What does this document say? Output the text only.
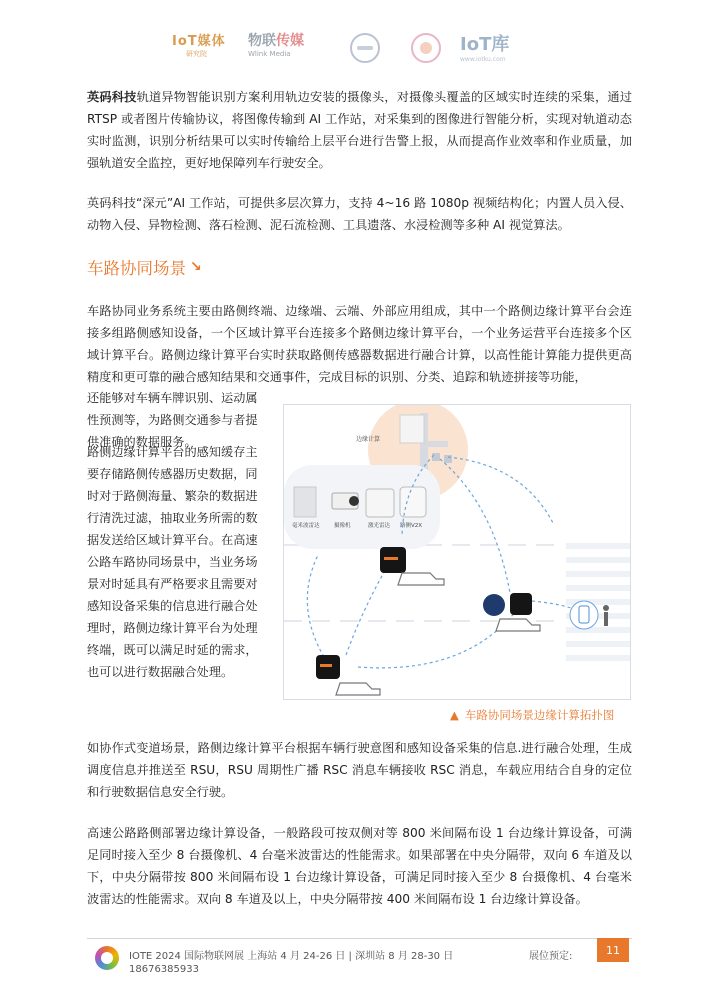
IoT媒体
研究院
物联传媒
Wlink Media	IoT库
www.iotku.com

英码科技轨道异物智能识别方案利用轨边安装的摄像头，对摄像头覆盖的区域实时连续的采集，通过 RTSP 或者图片传输协议，将图像传输到 AI 工作站，对采集到的图像进行智能分析，实现对轨道动态实时监测，识别分析结果可以实时传输给上层平台进行告警上报，从而提高作业效率和作业质量，加强轨道安全监控，更好地保障列车行驶安全。

英码科技“深元”AI 工作站，可提供多层次算力，支持 4~16 路 1080p 视频结构化；内置人员入侵、动物入侵、异物检测、落石检测、泥石流检测、工具遗落、水浸检测等多种 AI 视觉算法。

车路协同场景 ↘

车路协同业务系统主要由路侧终端、边缘端、云端、外部应用组成，其中一个路侧边缘计算平台会连接多组路侧感知设备，一个区域计算平台连接多个路侧边缘计算平台，一个业务运营平台连接多个区域计算平台。路侧边缘计算平台实时获取路侧传感器数据进行融合计算，以高性能计算能力提供更高精度和更可靠的融合感知结果和交通事件，完成目标的识别、分类、追踪和轨迹拼接等功能，

还能够对车辆车牌识别、运动属性预测等，为路侧交通参与者提供准确的数据服务。

路侧边缘计算平台的感知缓存主要存储路侧传感器历史数据，同时对于路侧海量、繁杂的数据进行清洗过滤，抽取业务所需的数据发送给区域计算平台。在高速公路车路协同场景中，当业务场景对时延具有严格要求且需要对感知设备采集的信息进行融合处理时，路侧边缘计算平台为处理终端，既可以满足时延的需求，也可以进行数据融合处理。

边缘计算
毫米波雷达	摄像机	激光雷达 路侧V2X
▲ 车路协同场景边缘计算拓扑图

如协作式变道场景，路侧边缘计算平台根据车辆行驶意图和感知设备采集的信息.进行融合处理，生成调度信息并推送至 RSU，RSU 周期性广播 RSC 消息车辆接收 RSC 消息，车载应用结合自身的定位和行驶数据信息安全行驶。

高速公路路侧部署边缘计算设备，一般路段可按双侧对等 800 米间隔布设 1 台边缘计算设备，可满足同时接入至少 8 台摄像机、4 台毫米波雷达的性能需求。如果部署在中央分隔带，双向 6 车道及以下，中央分隔带按 800 米间隔布设 1 台边缘计算设备，可满足同时接入至少 8 台摄像机、4 台毫米波雷达的性能需求。双向 8 车道及以上，中央分隔带按 400 米间隔布设 1 台边缘计算设备。

IOTE 2024 国际物联网展 上海站 4 月 24-26 日 | 深圳站 8 月 28-30 日
18676385933
展位预定:	11
